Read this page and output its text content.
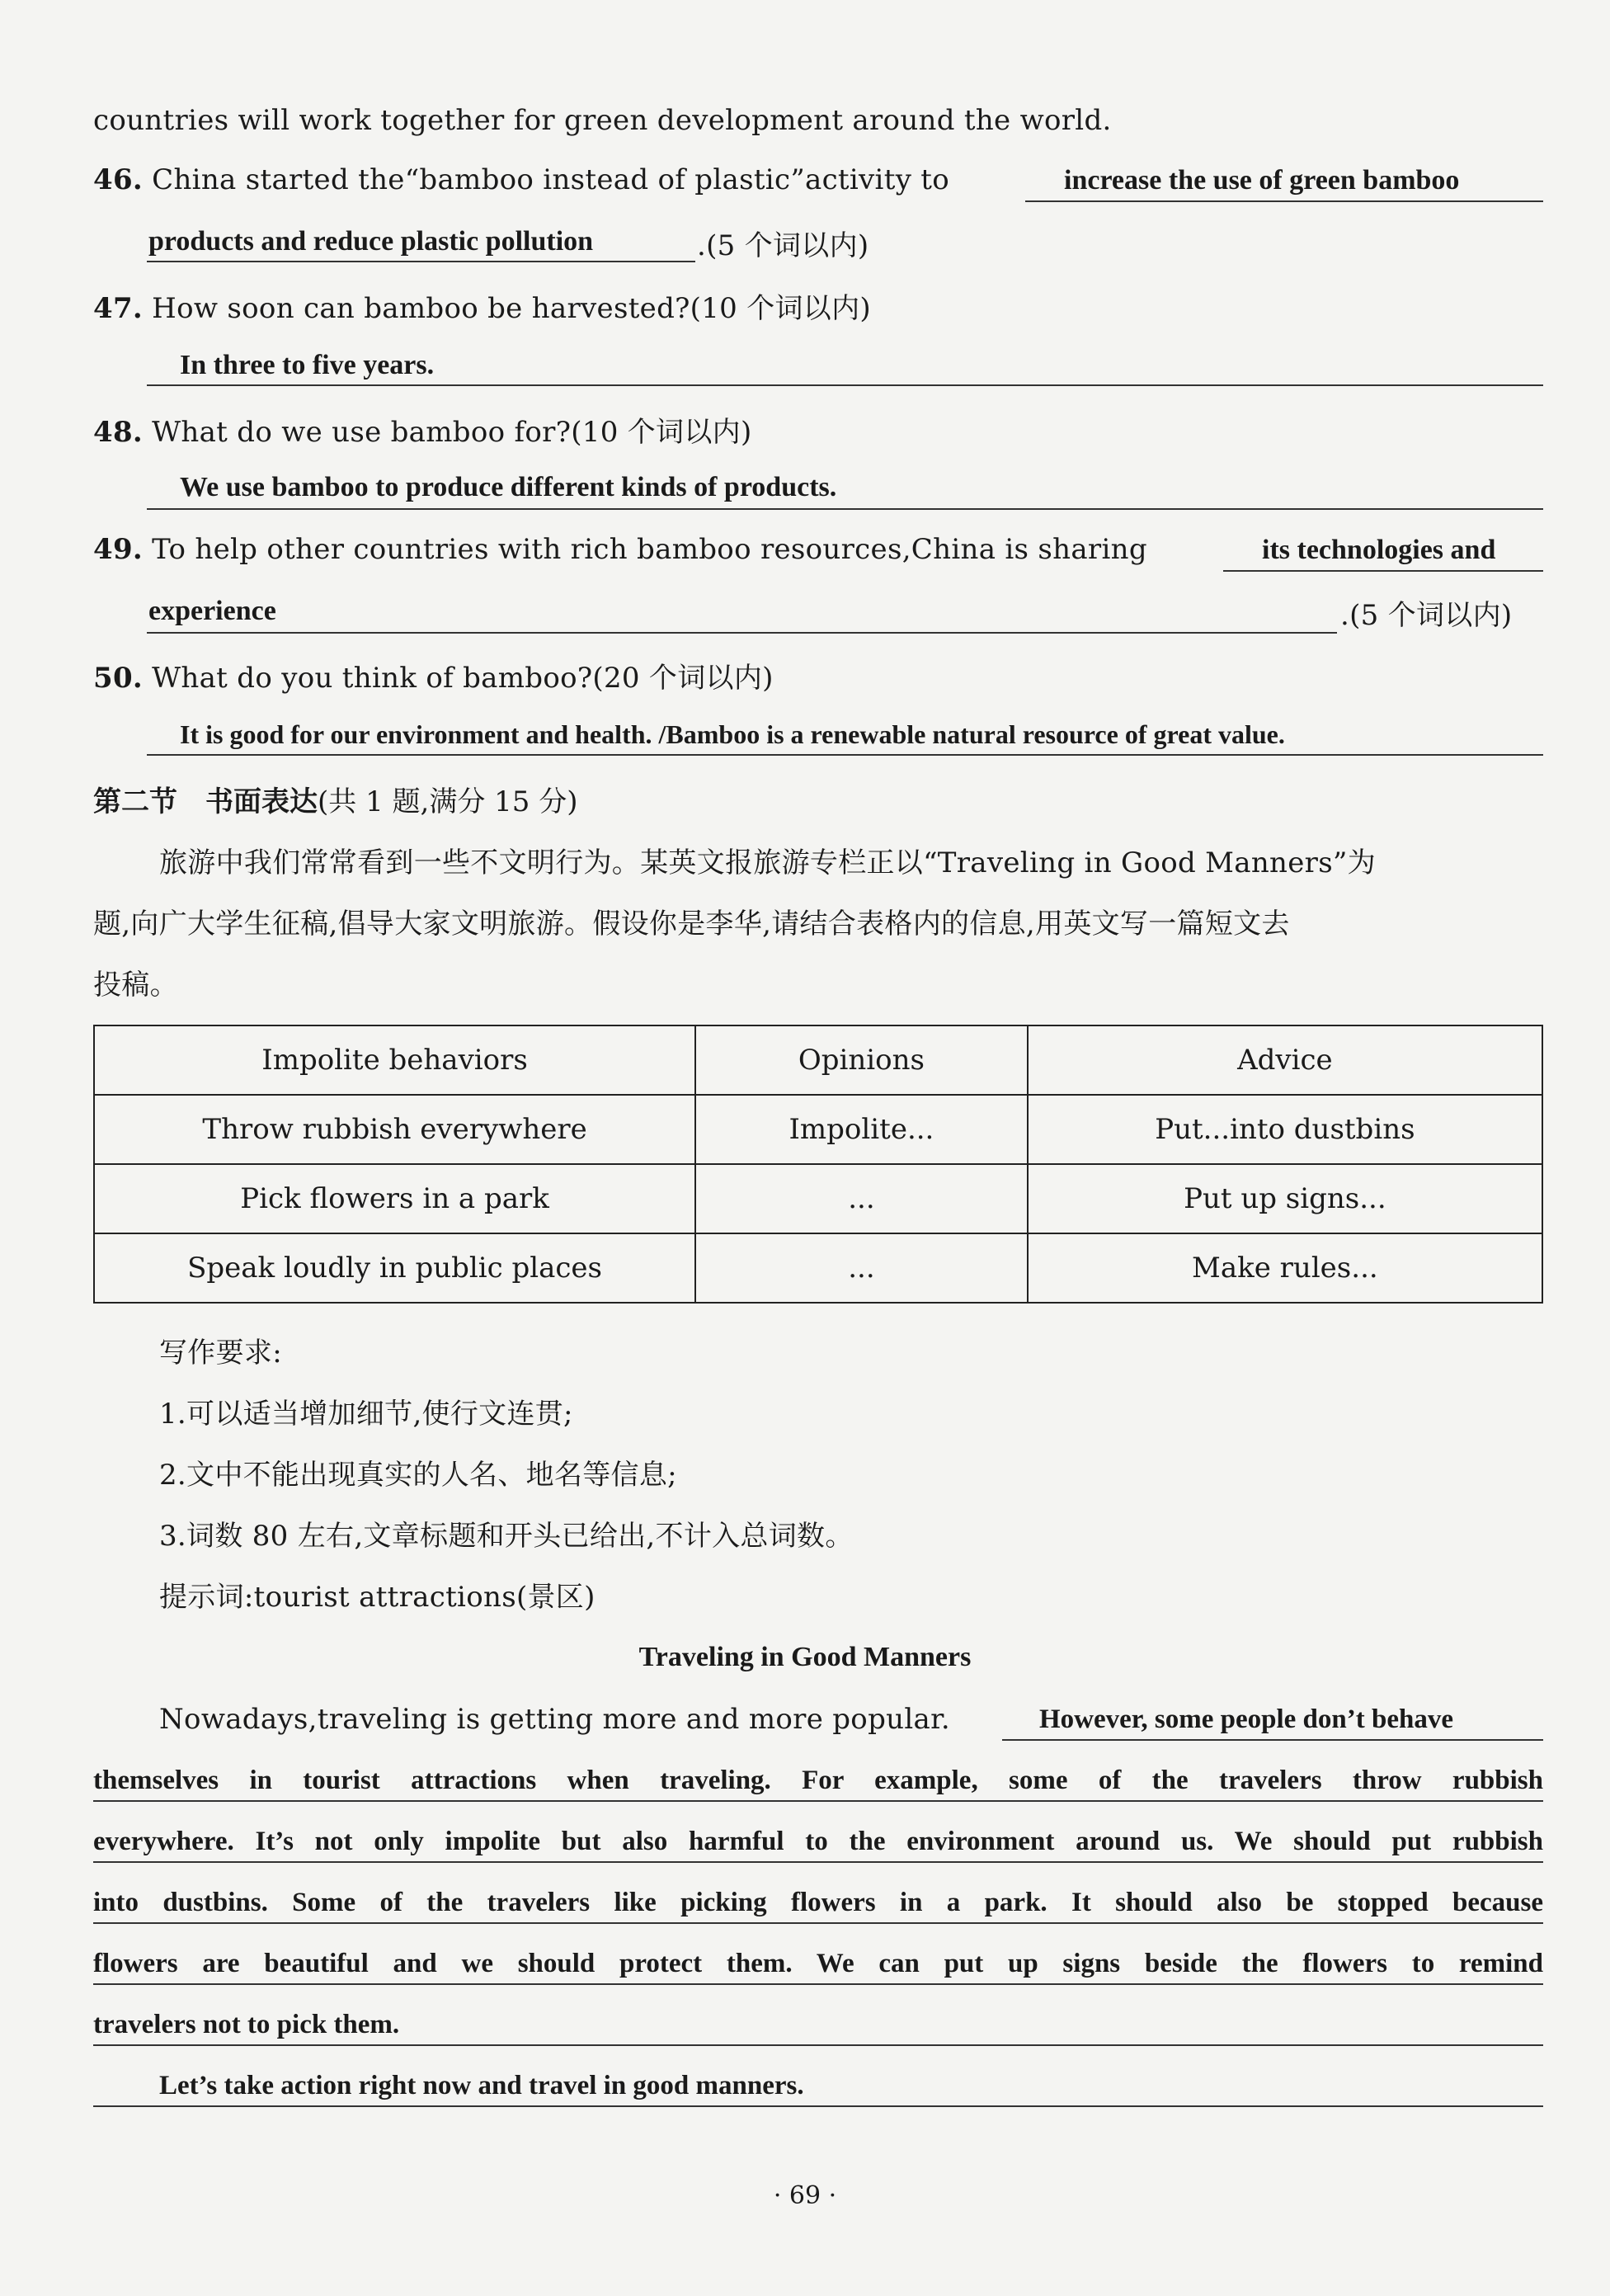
countries will work together for green development around the world.
46. China started the“bamboo instead of plastic”activity to	increase the use of green bamboo
products and reduce plastic pollution	.(5 个词以内)
47. How soon can bamboo be harvested?(10 个词以内)
In three to five years.
48. What do we use bamboo for?(10 个词以内)
We use bamboo to produce different kinds of products.
49. To help other countries with rich bamboo resources,China is sharing	its technologies and
experience	.(5 个词以内)
50. What do you think of bamboo?(20 个词以内)
It is good for our environment and health. /Bamboo is a renewable natural resource of great value.
第二节　书面表达(共 1 题,满分 15 分)
旅游中我们常常看到一些不文明行为。某英文报旅游专栏正以“Traveling in Good Manners”为
题,向广大学生征稿,倡导大家文明旅游。假设你是李华,请结合表格内的信息,用英文写一篇短文去
投稿。
Impolite behaviors	Opinions	Advice
Throw rubbish everywhere	Impolite...	Put...into dustbins
Pick flowers in a park	...	Put up signs...
Speak loudly in public places	...	Make rules...
写作要求:
1.可以适当增加细节,使行文连贯;
2.文中不能出现真实的人名、地名等信息;
3.词数 80 左右,文章标题和开头已给出,不计入总词数。
提示词:tourist attractions(景区)
Traveling in Good Manners
Nowadays,traveling is getting more and more popular.	However, some people don’t behave
themselves in tourist attractions when traveling. For example, some of the travelers throw rubbish
everywhere. It’s not only impolite but also harmful to the environment around us. We should put rubbish
into dustbins. Some of the travelers like picking flowers in a park. It should also be stopped because
flowers are beautiful and we should protect them. We can put up signs beside the flowers to remind
travelers not to pick them.
Let’s take action right now and travel in good manners.
· 69 ·
